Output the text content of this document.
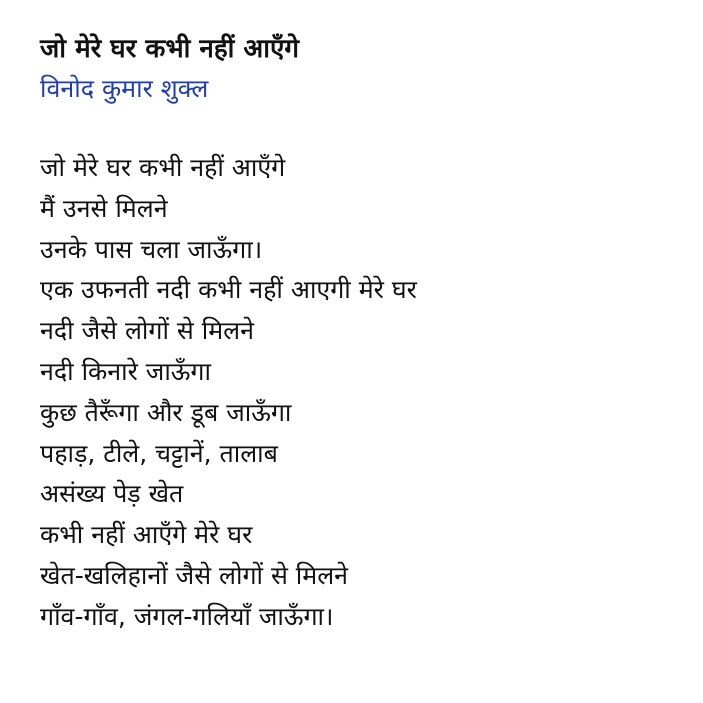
जो मेरे घर कभी नहीं आएँगे
विनोद कुमार शुक्ल
जो मेरे घर कभी नहीं आएँगे
मैं उनसे मिलने
उनके पास चला जाऊँगा।
एक उफनती नदी कभी नहीं आएगी मेरे घर
नदी जैसे लोगों से मिलने
नदी किनारे जाऊँगा
कुछ तैरूँगा और डूब जाऊँगा
पहाड़, टीले, चट्टानें, तालाब
असंख्य पेड़ खेत
कभी नहीं आएँगे मेरे घर
खेत-खलिहानों जैसे लोगों से मिलने
गाँव-गाँव, जंगल-गलियाँ जाऊँगा।
